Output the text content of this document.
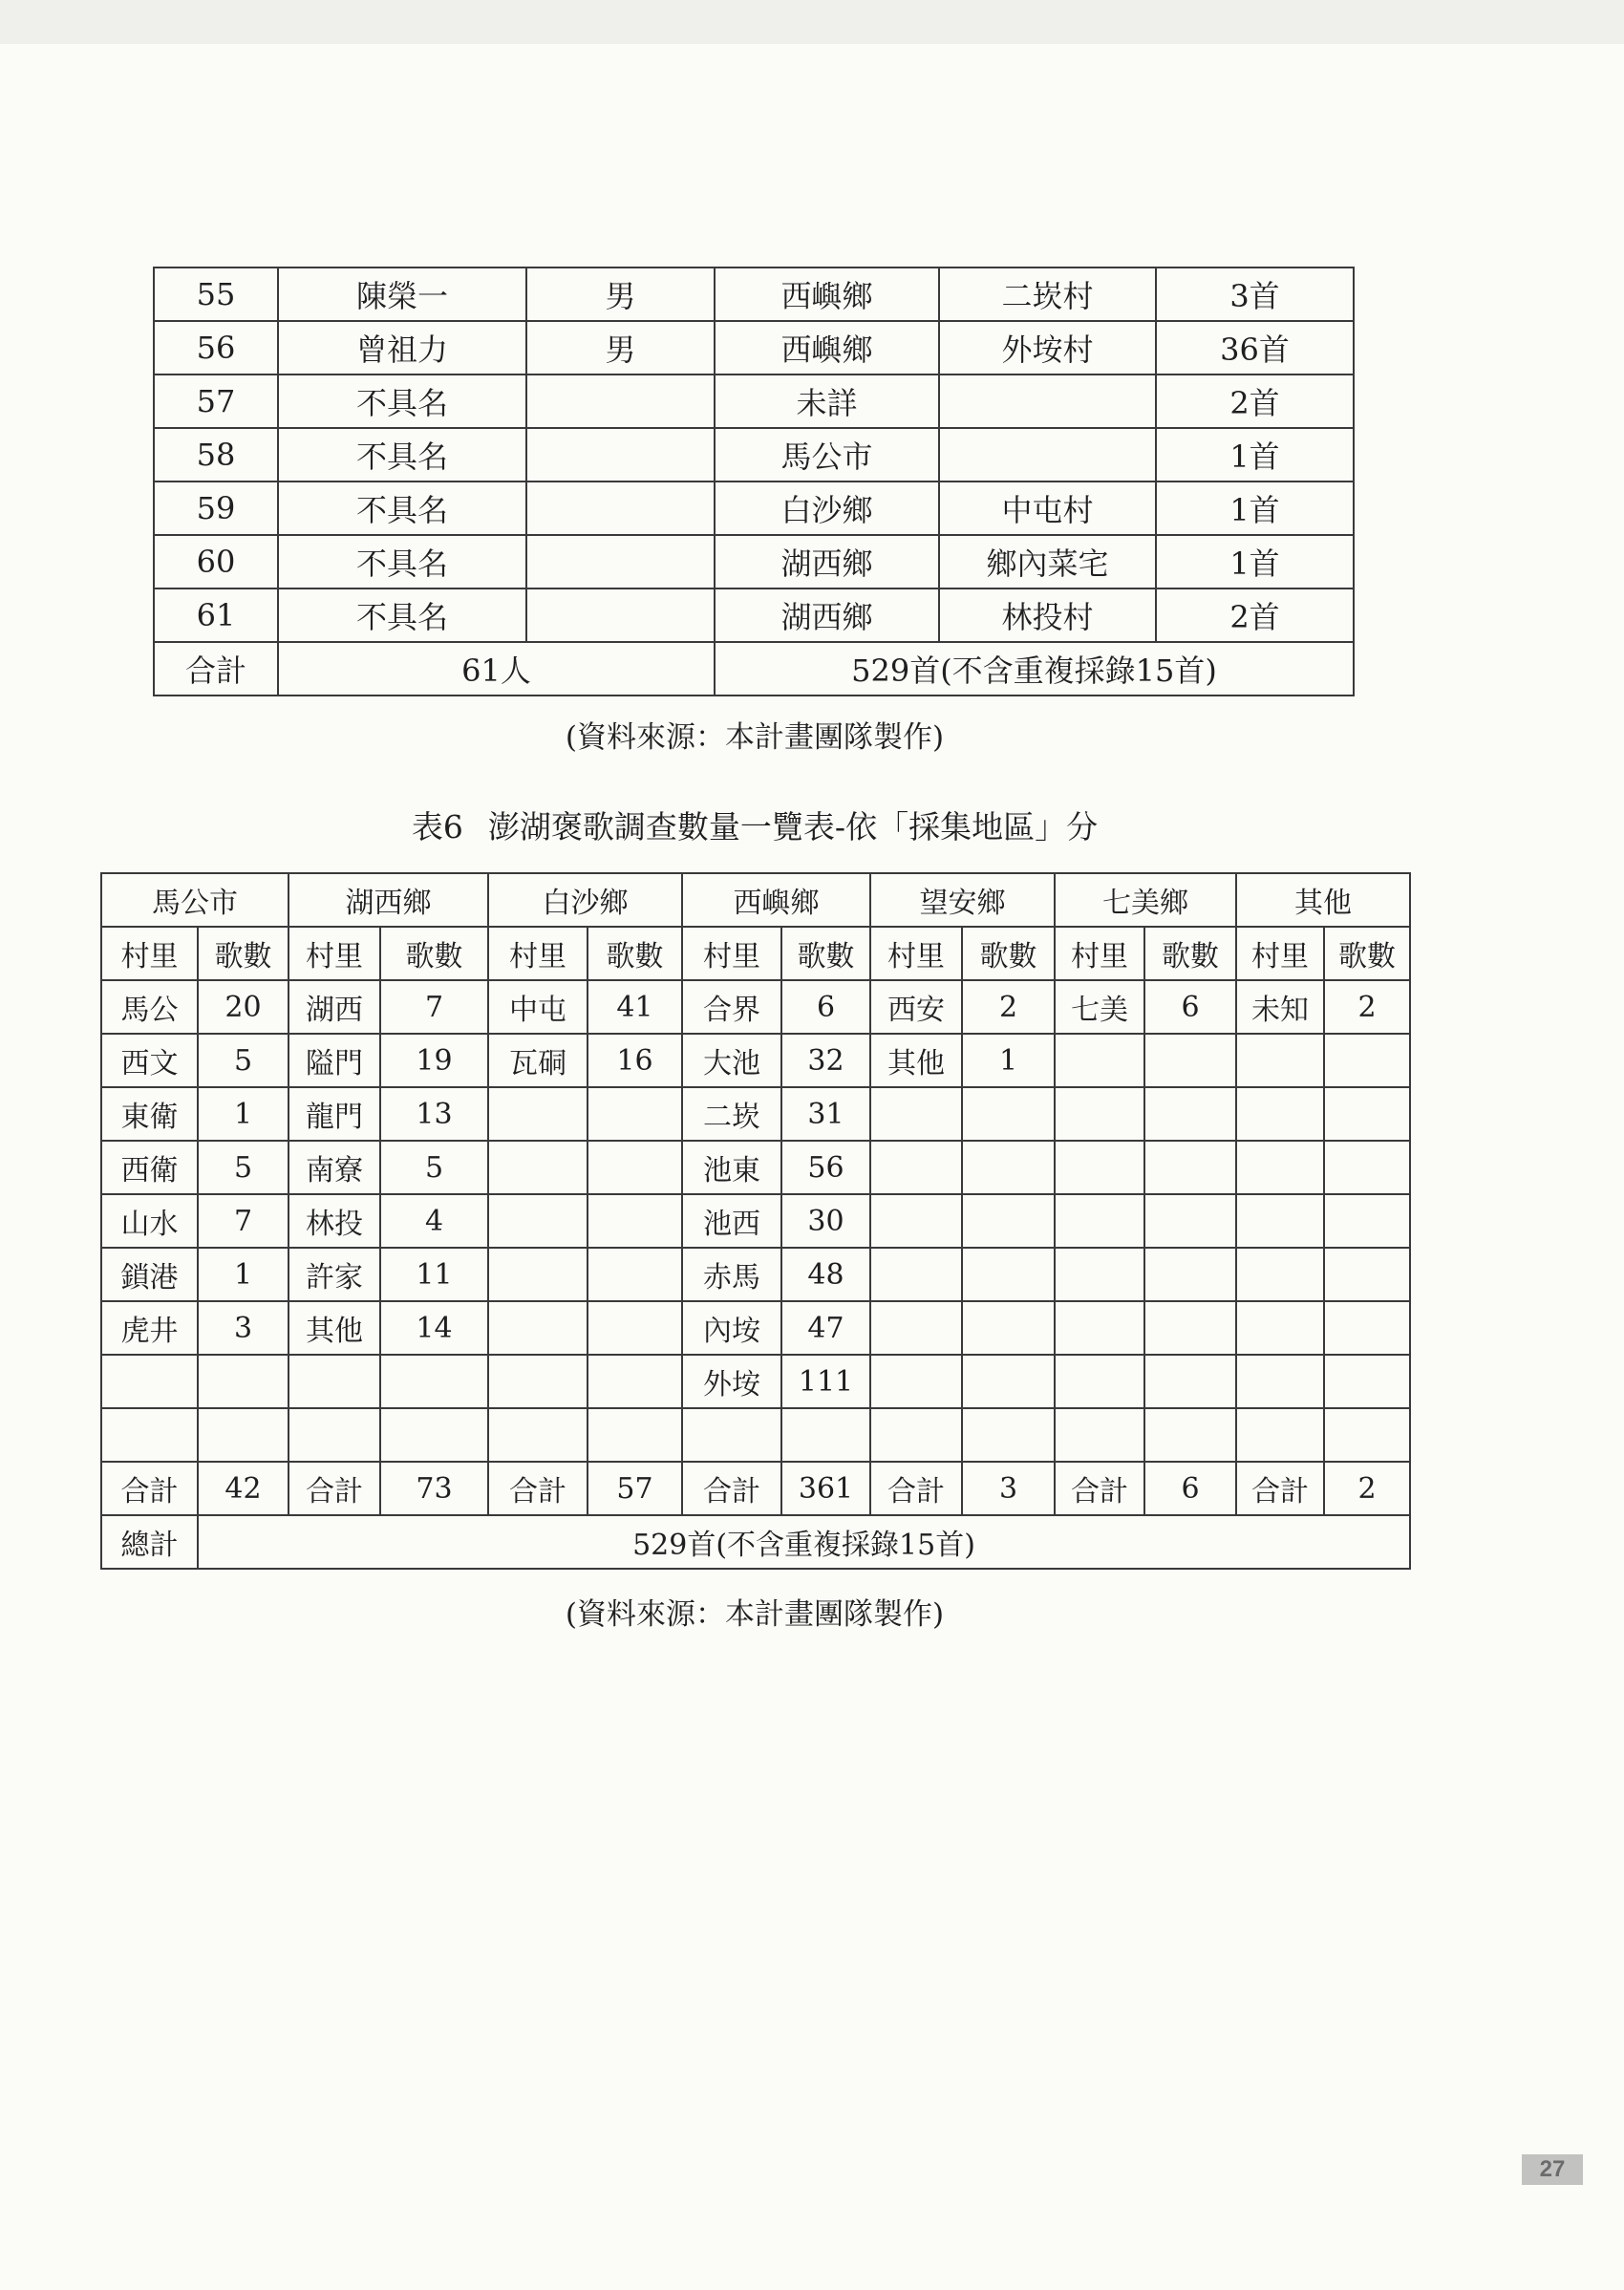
55	陳榮一	男	西嶼鄉	二崁村	3首
56	曾祖力	男	西嶼鄉	外垵村	36首
57	不具名		未詳		2首
58	不具名		馬公市		1首
59	不具名		白沙鄉	中屯村	1首
60	不具名		湖西鄉	鄉內菜宅	1首
61	不具名		湖西鄉	林投村	2首
合計	61人		529首(不含重複採錄15首)		
(資料來源：本計畫團隊製作)
表6 澎湖褒歌調查數量一覽表-依「採集地區」分
馬公市		湖西鄉		白沙鄉		西嶼鄉		望安鄉		七美鄉		其他	
村里	歌數	村里	歌數	村里	歌數	村里	歌數	村里	歌數	村里	歌數	村里	歌數
馬公	20	湖西	7	中屯	41	合界	6	西安	2	七美	6	未知	2
西文	5	隘門	19	瓦硐	16	大池	32	其他	1				
東衛	1	龍門	13			二崁	31						
西衛	5	南寮	5			池東	56						
山水	7	林投	4			池西	30						
鎖港	1	許家	11			赤馬	48						
虎井	3	其他	14			內垵	47						
						外垵	111						

合計	42	合計	73	合計	57	合計	361	合計	3	合計	6	合計	2
總計	529首(不含重複採錄15首)												
(資料來源：本計畫團隊製作)
27
